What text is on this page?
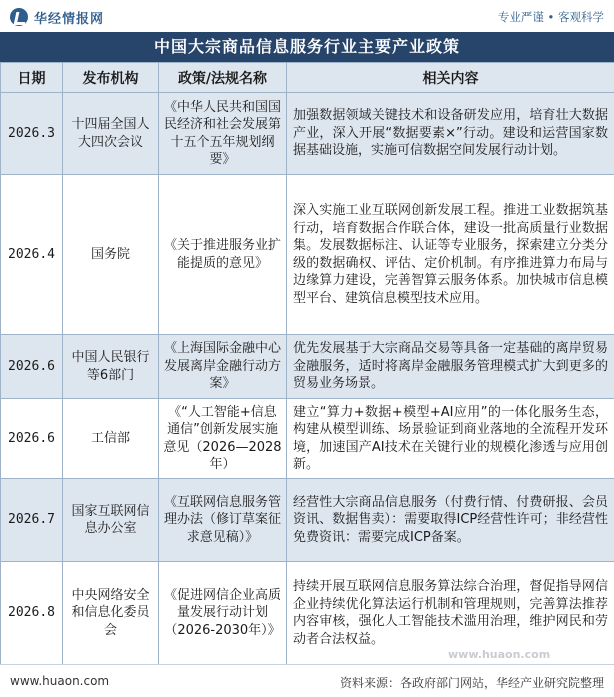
华经情报网	专业严谨 • 客观科学
中国大宗商品信息服务行业主要产业政策
日期	发布机构	政策/法规名称	相关内容
2026.3	十四届全国人大四次会议	《中华人民共和国国民经济和社会发展第十五个五年规划纲要》	加强数据领域关键技术和设备研发应用，培育壮大数据产业，深入开展“数据要素×”行动。建设和运营国家数据基础设施，实施可信数据空间发展行动计划。
2026.4	国务院	《关于推进服务业扩能提质的意见》	深入实施工业互联网创新发展工程。推进工业数据筑基行动，培育数据合作联合体，建设一批高质量行业数据集。发展数据标注、认证等专业服务，探索建立分类分级的数据确权、评估、定价机制。有序推进算力布局与边缘算力建设，完善智算云服务体系。加快城市信息模型平台、建筑信息模型技术应用。
2026.6	中国人民银行等6部门	《上海国际金融中心发展离岸金融行动方案》	优先发展基于大宗商品交易等具备一定基础的离岸贸易金融服务，适时将离岸金融服务管理模式扩大到更多的贸易业务场景。
2026.6	工信部	《“人工智能+信息通信”创新发展实施意见（2026—2028年）	建立“算力+数据+模型+AI应用”的一体化服务生态，构建从模型训练、场景验证到商业落地的全流程开发环境，加速国产AI技术在关键行业的规模化渗透与应用创新。
2026.7	国家互联网信息办公室	《互联网信息服务管理办法（修订草案征求意见稿）》	经营性大宗商品信息服务（付费行情、付费研报、会员资讯、数据售卖）：需要取得ICP经营性许可；非经营性免费资讯：需要完成ICP备案。
2026.8	中央网络安全和信息化委员会	《促进网信企业高质量发展行动计划（2026-2030年）》	持续开展互联网信息服务算法综合治理，督促指导网信企业持续优化算法运行机制和管理规则，完善算法推荐内容审核，强化人工智能技术滥用治理，维护网民和劳动者合法权益。
www.huaon.com
www.huaon.com	资料来源：各政府部门网站，华经产业研究院整理
